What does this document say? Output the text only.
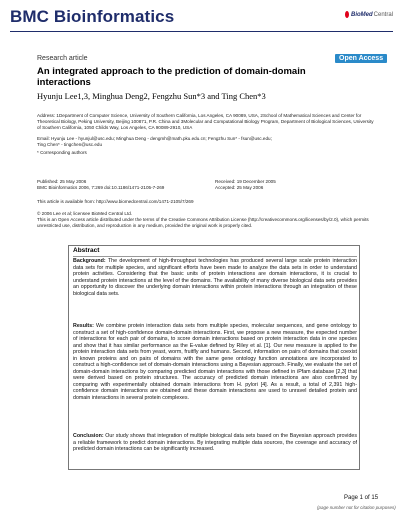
BMC Bioinformatics	BioMed Central
Research article	Open Access
An integrated approach to the prediction of domain-domain interactions
Hyunju Lee1,3, Minghua Deng2, Fengzhu Sun*3 and Ting Chen*3
Address: 1Department of Computer Science, University of Southern California, Los Angeles, CA 90089, USA, 2School of Mathematical Sciences and Center for Theoretical Biology, Peking University, Beijing 100871, P.R. China and 3Molecular and Computational Biology Program, Department of Biological Sciences, University of Southern California, 1050 Childs Way, Los Angeles, CA 90089-2910, USA
Email: Hyunju Lee - hyunjul@usc.edu; Minghua Deng - dengmh@math.pku.edu.cn; Fengzhu Sun* - fsun@usc.edu;
Ting Chen* - tingchen@usc.edu
* Corresponding authors
Published: 25 May 2006
BMC Bioinformatics 2006, 7:269 doi:10.1186/1471-2105-7-269
Received: 19 December 2005
Accepted: 25 May 2006
This article is available from: http://www.biomedcentral.com/1471-2105/7/269
© 2006 Lee et al; licensee BioMed Central Ltd.
This is an Open Access article distributed under the terms of the Creative Commons Attribution License (http://creativecommons.org/licenses/by/2.0), which permits unrestricted use, distribution, and reproduction in any medium, provided the original work is properly cited.
Abstract
Background: The development of high-throughput technologies has produced several large scale protein interaction data sets for multiple species, and significant efforts have been made to analyze the data sets in order to understand protein activities. Considering that the basic units of protein interactions are domain interactions, it is crucial to understand protein interactions at the level of the domains. The availability of many diverse biological data sets provides an opportunity to discover the underlying domain interactions within protein interactions through an integration of these biological data sets.
Results: We combine protein interaction data sets from multiple species, molecular sequences, and gene ontology to construct a set of high-confidence domain-domain interactions. First, we propose a new measure, the expected number of interactions for each pair of domains, to score domain interactions based on protein interaction data in one species and show that it has similar performance as the E-value defined by Riley et al. [1]. Our new measure is applied to the protein interaction data sets from yeast, worm, fruitfly and humans. Second, information on pairs of domains that coexist in known proteins and on pairs of domains with the same gene ontology function annotations are incorporated to construct a high-confidence set of domain-domain interactions using a Bayesian approach. Finally, we evaluate the set of domain-domain interactions by comparing predicted domain interactions with those defined in iPfam database [2,3] that were derived based on protein structures. The accuracy of predicted domain interactions are also confirmed by comparing with experimentally obtained domain interactions from H. pylori [4]. As a result, a total of 2,391 high-confidence domain interactions are obtained and these domain interactions are used to unravel detailed protein and domain interactions in several protein complexes.
Conclusion: Our study shows that integration of multiple biological data sets based on the Bayesian approach provides a reliable framework to predict domain interactions. By integrating multiple data sources, the coverage and accuracy of predicted domain interactions can be significantly increased.
Page 1 of 15
(page number not for citation purposes)
